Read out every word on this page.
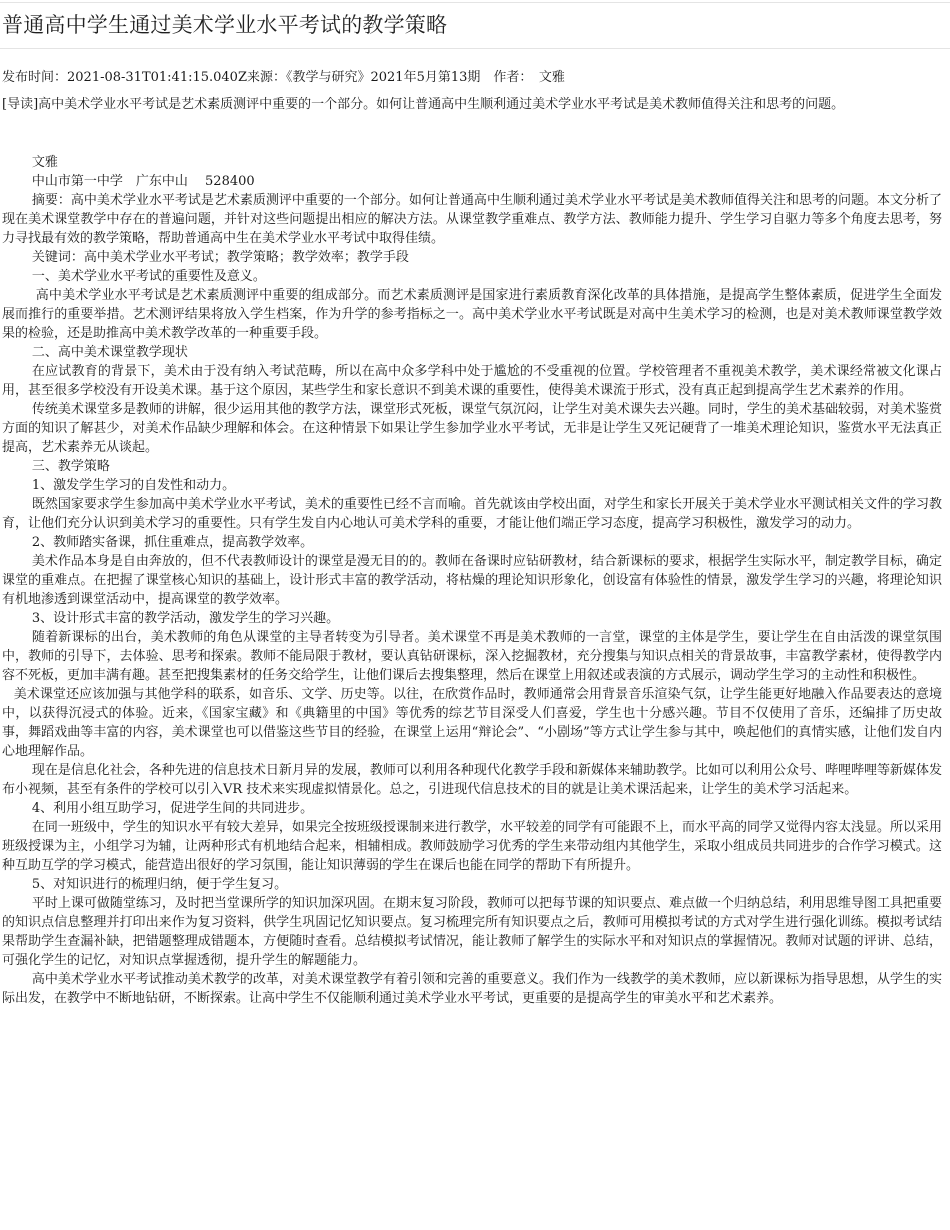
普通高中学生通过美术学业水平考试的教学策略
发布时间：2021-08-31T01:41:15.040Z来源：《教学与研究》2021年5月第13期　作者：　文雅
[导读]高中美术学业水平考试是艺术素质测评中重要的一个部分。如何让普通高中生顺利通过美术学业水平考试是美术教师值得关注和思考的问题。

文雅

中山市第一中学　广东中山　 528400

摘要：高中美术学业水平考试是艺术素质测评中重要的一个部分。如何让普通高中生顺利通过美术学业水平考试是美术教师值得关注和思考的问题。本文分析了现在美术课堂教学中存在的普遍问题，并针对这些问题提出相应的解决方法。从课堂教学重难点、教学方法、教师能力提升、学生学习自驱力等多个角度去思考，努力寻找最有效的教学策略，帮助普通高中生在美术学业水平考试中取得佳绩。

关键词：高中美术学业水平考试；教学策略；教学效率；教学手段

一、美术学业水平考试的重要性及意义。

高中美术学业水平考试是艺术素质测评中重要的组成部分。而艺术素质测评是国家进行素质教育深化改革的具体措施，是提高学生整体素质，促进学生全面发展而推行的重要举措。艺术测评结果将放入学生档案，作为升学的参考指标之一。高中美术学业水平考试既是对高中生美术学习的检测，也是对美术教师课堂教学效果的检验，还是助推高中美术教学改革的一种重要手段。

二、高中美术课堂教学现状

在应试教育的背景下，美术由于没有纳入考试范畴，所以在高中众多学科中处于尴尬的不受重视的位置。学校管理者不重视美术教学，美术课经常被文化课占用，甚至很多学校没有开设美术课。基于这个原因，某些学生和家长意识不到美术课的重要性，使得美术课流于形式，没有真正起到提高学生艺术素养的作用。

传统美术课堂多是教师的讲解，很少运用其他的教学方法，课堂形式死板，课堂气氛沉闷，让学生对美术课失去兴趣。同时，学生的美术基础较弱，对美术鉴赏方面的知识了解甚少，对美术作品缺少理解和体会。在这种情景下如果让学生参加学业水平考试，无非是让学生又死记硬背了一堆美术理论知识，鉴赏水平无法真正提高，艺术素养无从谈起。

三、教学策略

1、激发学生学习的自发性和动力。

既然国家要求学生参加高中美术学业水平考试，美术的重要性已经不言而喻。首先就该由学校出面，对学生和家长开展关于美术学业水平测试相关文件的学习教育，让他们充分认识到美术学习的重要性。只有学生发自内心地认可美术学科的重要，才能让他们端正学习态度，提高学习积极性，激发学习的动力。

2、教师踏实备课，抓住重难点，提高教学效率。

美术作品本身是自由奔放的，但不代表教师设计的课堂是漫无目的的。教师在备课时应钻研教材，结合新课标的要求，根据学生实际水平，制定教学目标，确定课堂的重难点。在把握了课堂核心知识的基础上，设计形式丰富的教学活动，将枯燥的理论知识形象化，创设富有体验性的情景，激发学生学习的兴趣，将理论知识有机地渗透到课堂活动中，提高课堂的教学效率。

3、设计形式丰富的教学活动，激发学生的学习兴趣。

随着新课标的出台，美术教师的角色从课堂的主导者转变为引导者。美术课堂不再是美术教师的一言堂，课堂的主体是学生，要让学生在自由活泼的课堂氛围中，教师的引导下，去体验、思考和探索。教师不能局限于教材，要认真钻研课标，深入挖掘教材，充分搜集与知识点相关的背景故事，丰富教学素材，使得教学内容不死板，更加丰满有趣。甚至把搜集素材的任务交给学生，让他们课后去搜集整理，然后在课堂上用叙述或表演的方式展示，调动学生学习的主动性和积极性。

美术课堂还应该加强与其他学科的联系，如音乐、文学、历史等。以往，在欣赏作品时，教师通常会用背景音乐渲染气氛，让学生能更好地融入作品要表达的意境中，以获得沉浸式的体验。近来，《国家宝藏》和《典籍里的中国》等优秀的综艺节目深受人们喜爱，学生也十分感兴趣。节目不仅使用了音乐，还编排了历史故事，舞蹈戏曲等丰富的内容，美术课堂也可以借鉴这些节目的经验，在课堂上运用“辩论会”、“小剧场”等方式让学生参与其中，唤起他们的真情实感，让他们发自内心地理解作品。

现在是信息化社会，各种先进的信息技术日新月异的发展，教师可以利用各种现代化教学手段和新媒体来辅助教学。比如可以利用公众号、哔哩哔哩等新媒体发布小视频，甚至有条件的学校可以引入VR 技术来实现虚拟情景化。总之，引进现代信息技术的目的就是让美术课活起来，让学生的美术学习活起来。

4、利用小组互助学习，促进学生间的共同进步。

在同一班级中，学生的知识水平有较大差异，如果完全按班级授课制来进行教学，水平较差的同学有可能跟不上，而水平高的同学又觉得内容太浅显。所以采用班级授课为主，小组学习为辅，让两种形式有机地结合起来，相辅相成。教师鼓励学习优秀的学生来带动组内其他学生，采取小组成员共同进步的合作学习模式。这种互助互学的学习模式，能营造出很好的学习氛围，能让知识薄弱的学生在课后也能在同学的帮助下有所提升。

5、对知识进行的梳理归纳，便于学生复习。

平时上课可做随堂练习，及时把当堂课所学的知识加深巩固。在期末复习阶段，教师可以把每节课的知识要点、难点做一个归纳总结，利用思维导图工具把重要的知识点信息整理并打印出来作为复习资料，供学生巩固记忆知识要点。复习梳理完所有知识要点之后，教师可用模拟考试的方式对学生进行强化训练。模拟考试结果帮助学生查漏补缺，把错题整理成错题本，方便随时查看。总结模拟考试情况，能让教师了解学生的实际水平和对知识点的掌握情况。教师对试题的评讲、总结，可强化学生的记忆，对知识点掌握透彻，提升学生的解题能力。

高中美术学业水平考试推动美术教学的改革，对美术课堂教学有着引领和完善的重要意义。我们作为一线教学的美术教师，应以新课标为指导思想，从学生的实际出发，在教学中不断地钻研，不断探索。让高中学生不仅能顺利通过美术学业水平考试，更重要的是提高学生的审美水平和艺术素养。
